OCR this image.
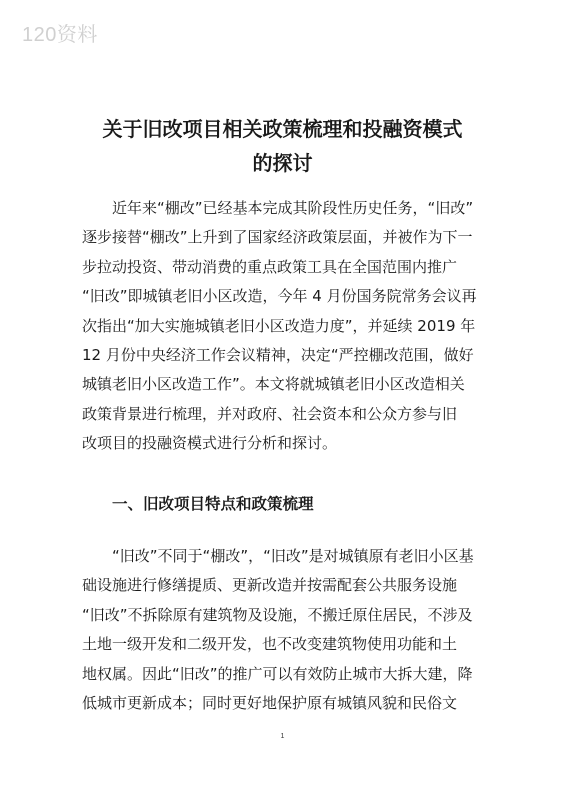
120资料
关于旧改项目相关政策梳理和投融资模式
的探讨
　　近年来“棚改”已经基本完成其阶段性历史任务，“旧改”
逐步接替“棚改”上升到了国家经济政策层面，并被作为下一
步拉动投资、带动消费的重点政策工具在全国范围内推广
“旧改”即城镇老旧小区改造，今年 4 月份国务院常务会议再
次指出“加大实施城镇老旧小区改造力度”，并延续 2019 年
12 月份中央经济工作会议精神，决定“严控棚改范围，做好
城镇老旧小区改造工作”。本文将就城镇老旧小区改造相关
政策背景进行梳理，并对政府、社会资本和公众方参与旧
改项目的投融资模式进行分析和探讨。
一、旧改项目特点和政策梳理
　　“旧改”不同于“棚改”，“旧改”是对城镇原有老旧小区基
础设施进行修缮提质、更新改造并按需配套公共服务设施
“旧改”不拆除原有建筑物及设施，不搬迁原住居民，不涉及
土地一级开发和二级开发，也不改变建筑物使用功能和土
地权属。因此“旧改”的推广可以有效防止城市大拆大建，降
低城市更新成本；同时更好地保护原有城镇风貌和民俗文
1
